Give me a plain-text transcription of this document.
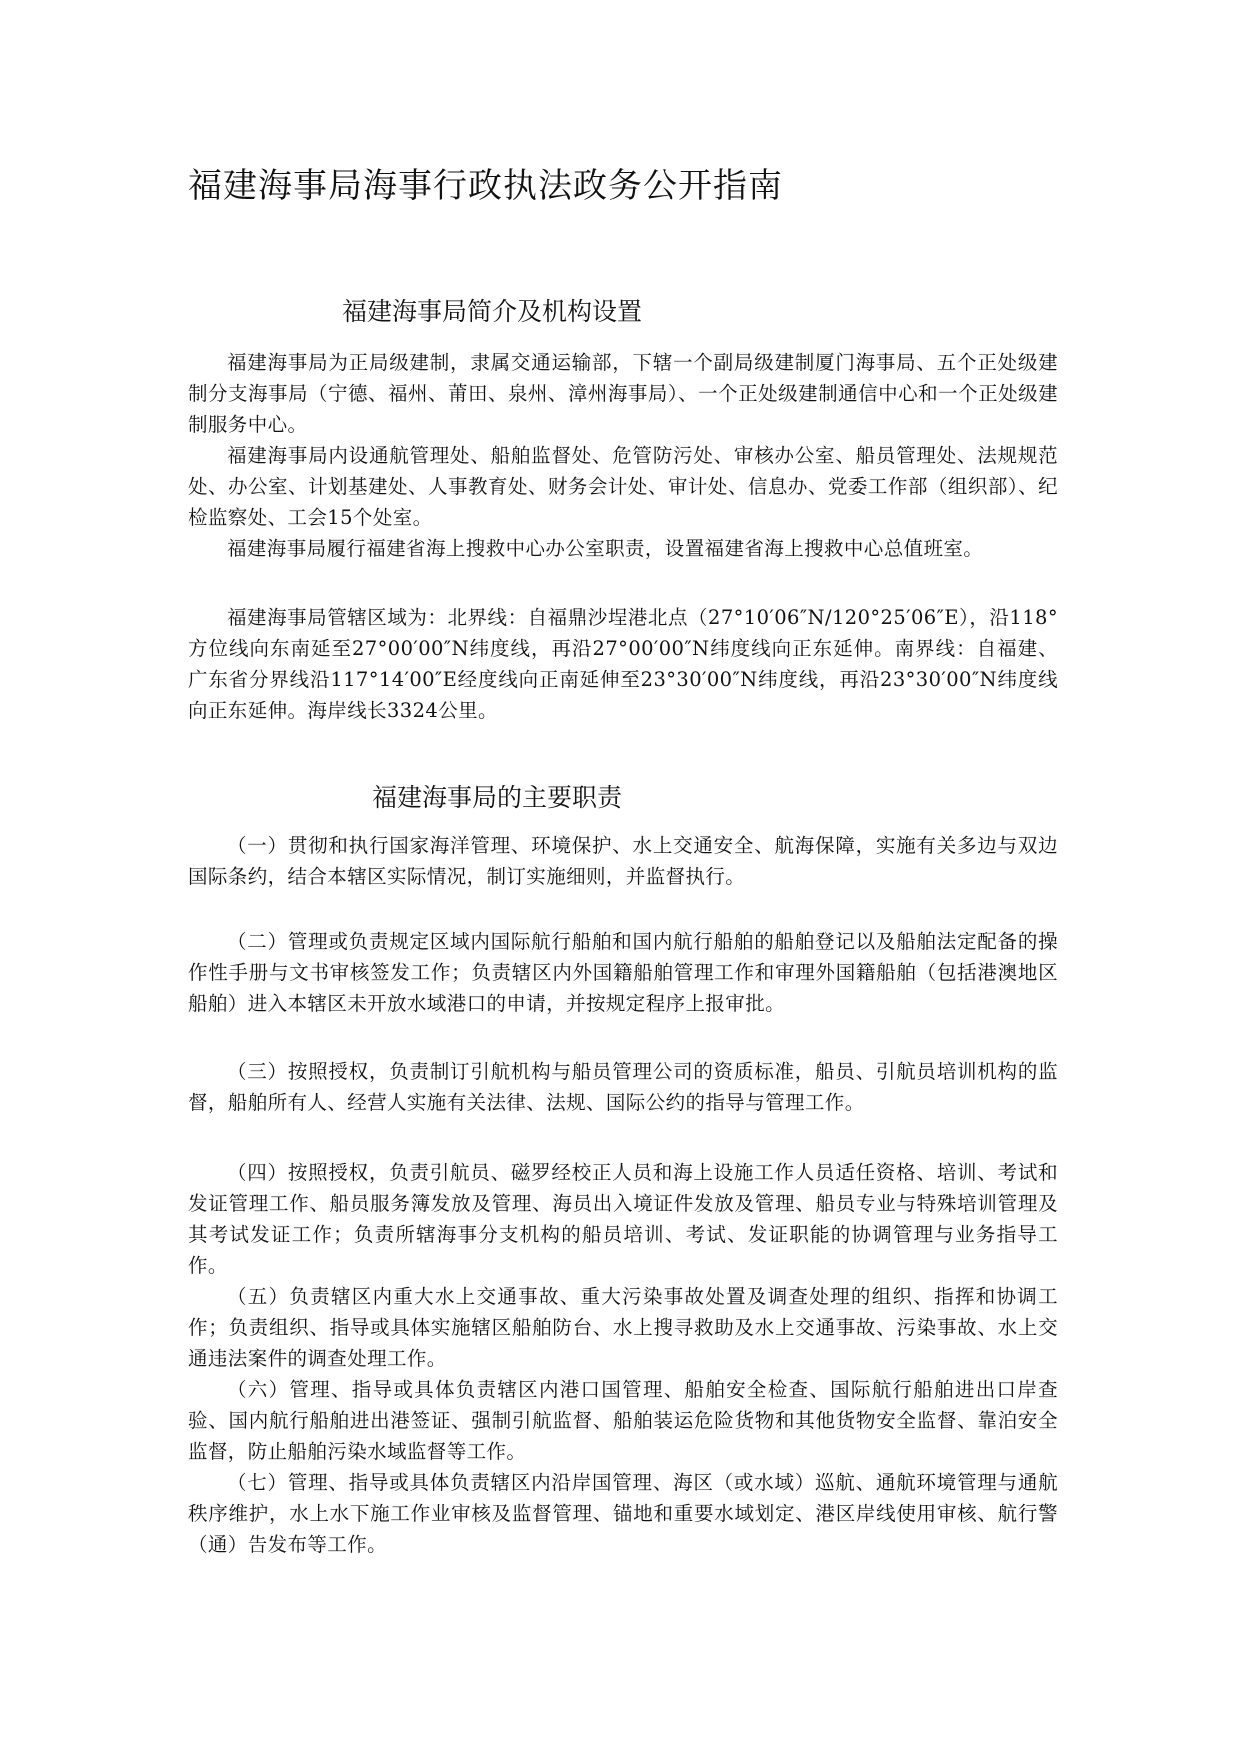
福建海事局海事行政执法政务公开指南
福建海事局简介及机构设置

福建海事局为正局级建制，隶属交通运输部，下辖一个副局级建制厦门海事局、五个正处级建制分支海事局（宁德、福州、莆田、泉州、漳州海事局）、一个正处级建制通信中心和一个正处级建制服务中心。

福建海事局内设通航管理处、船舶监督处、危管防污处、审核办公室、船员管理处、法规规范处、办公室、计划基建处、人事教育处、财务会计处、审计处、信息办、党委工作部（组织部）、纪检监察处、工会15个处室。

福建海事局履行福建省海上搜救中心办公室职责，设置福建省海上搜救中心总值班室。

福建海事局管辖区域为：北界线：自福鼎沙埕港北点（27°10′06″N/120°25′06″E），沿118°方位线向东南延至27°00′00″N纬度线，再沿27°00′00″N纬度线向正东延伸。南界线：自福建、广东省分界线沿117°14′00″E经度线向正南延伸至23°30′00″N纬度线，再沿23°30′00″N纬度线向正东延伸。海岸线长3324公里。

福建海事局的主要职责

（一）贯彻和执行国家海洋管理、环境保护、水上交通安全、航海保障，实施有关多边与双边国际条约，结合本辖区实际情况，制订实施细则，并监督执行。

（二）管理或负责规定区域内国际航行船舶和国内航行船舶的船舶登记以及船舶法定配备的操作性手册与文书审核签发工作；负责辖区内外国籍船舶管理工作和审理外国籍船舶（包括港澳地区船舶）进入本辖区未开放水域港口的申请，并按规定程序上报审批。

（三）按照授权，负责制订引航机构与船员管理公司的资质标准，船员、引航员培训机构的监督，船舶所有人、经营人实施有关法律、法规、国际公约的指导与管理工作。

（四）按照授权，负责引航员、磁罗经校正人员和海上设施工作人员适任资格、培训、考试和发证管理工作、船员服务簿发放及管理、海员出入境证件发放及管理、船员专业与特殊培训管理及其考试发证工作；负责所辖海事分支机构的船员培训、考试、发证职能的协调管理与业务指导工作。

（五）负责辖区内重大水上交通事故、重大污染事故处置及调查处理的组织、指挥和协调工作；负责组织、指导或具体实施辖区船舶防台、水上搜寻救助及水上交通事故、污染事故、水上交通违法案件的调查处理工作。

（六）管理、指导或具体负责辖区内港口国管理、船舶安全检查、国际航行船舶进出口岸查验、国内航行船舶进出港签证、强制引航监督、船舶装运危险货物和其他货物安全监督、靠泊安全监督，防止船舶污染水域监督等工作。

（七）管理、指导或具体负责辖区内沿岸国管理、海区（或水域）巡航、通航环境管理与通航秩序维护，水上水下施工作业审核及监督管理、锚地和重要水域划定、港区岸线使用审核、航行警（通）告发布等工作。
